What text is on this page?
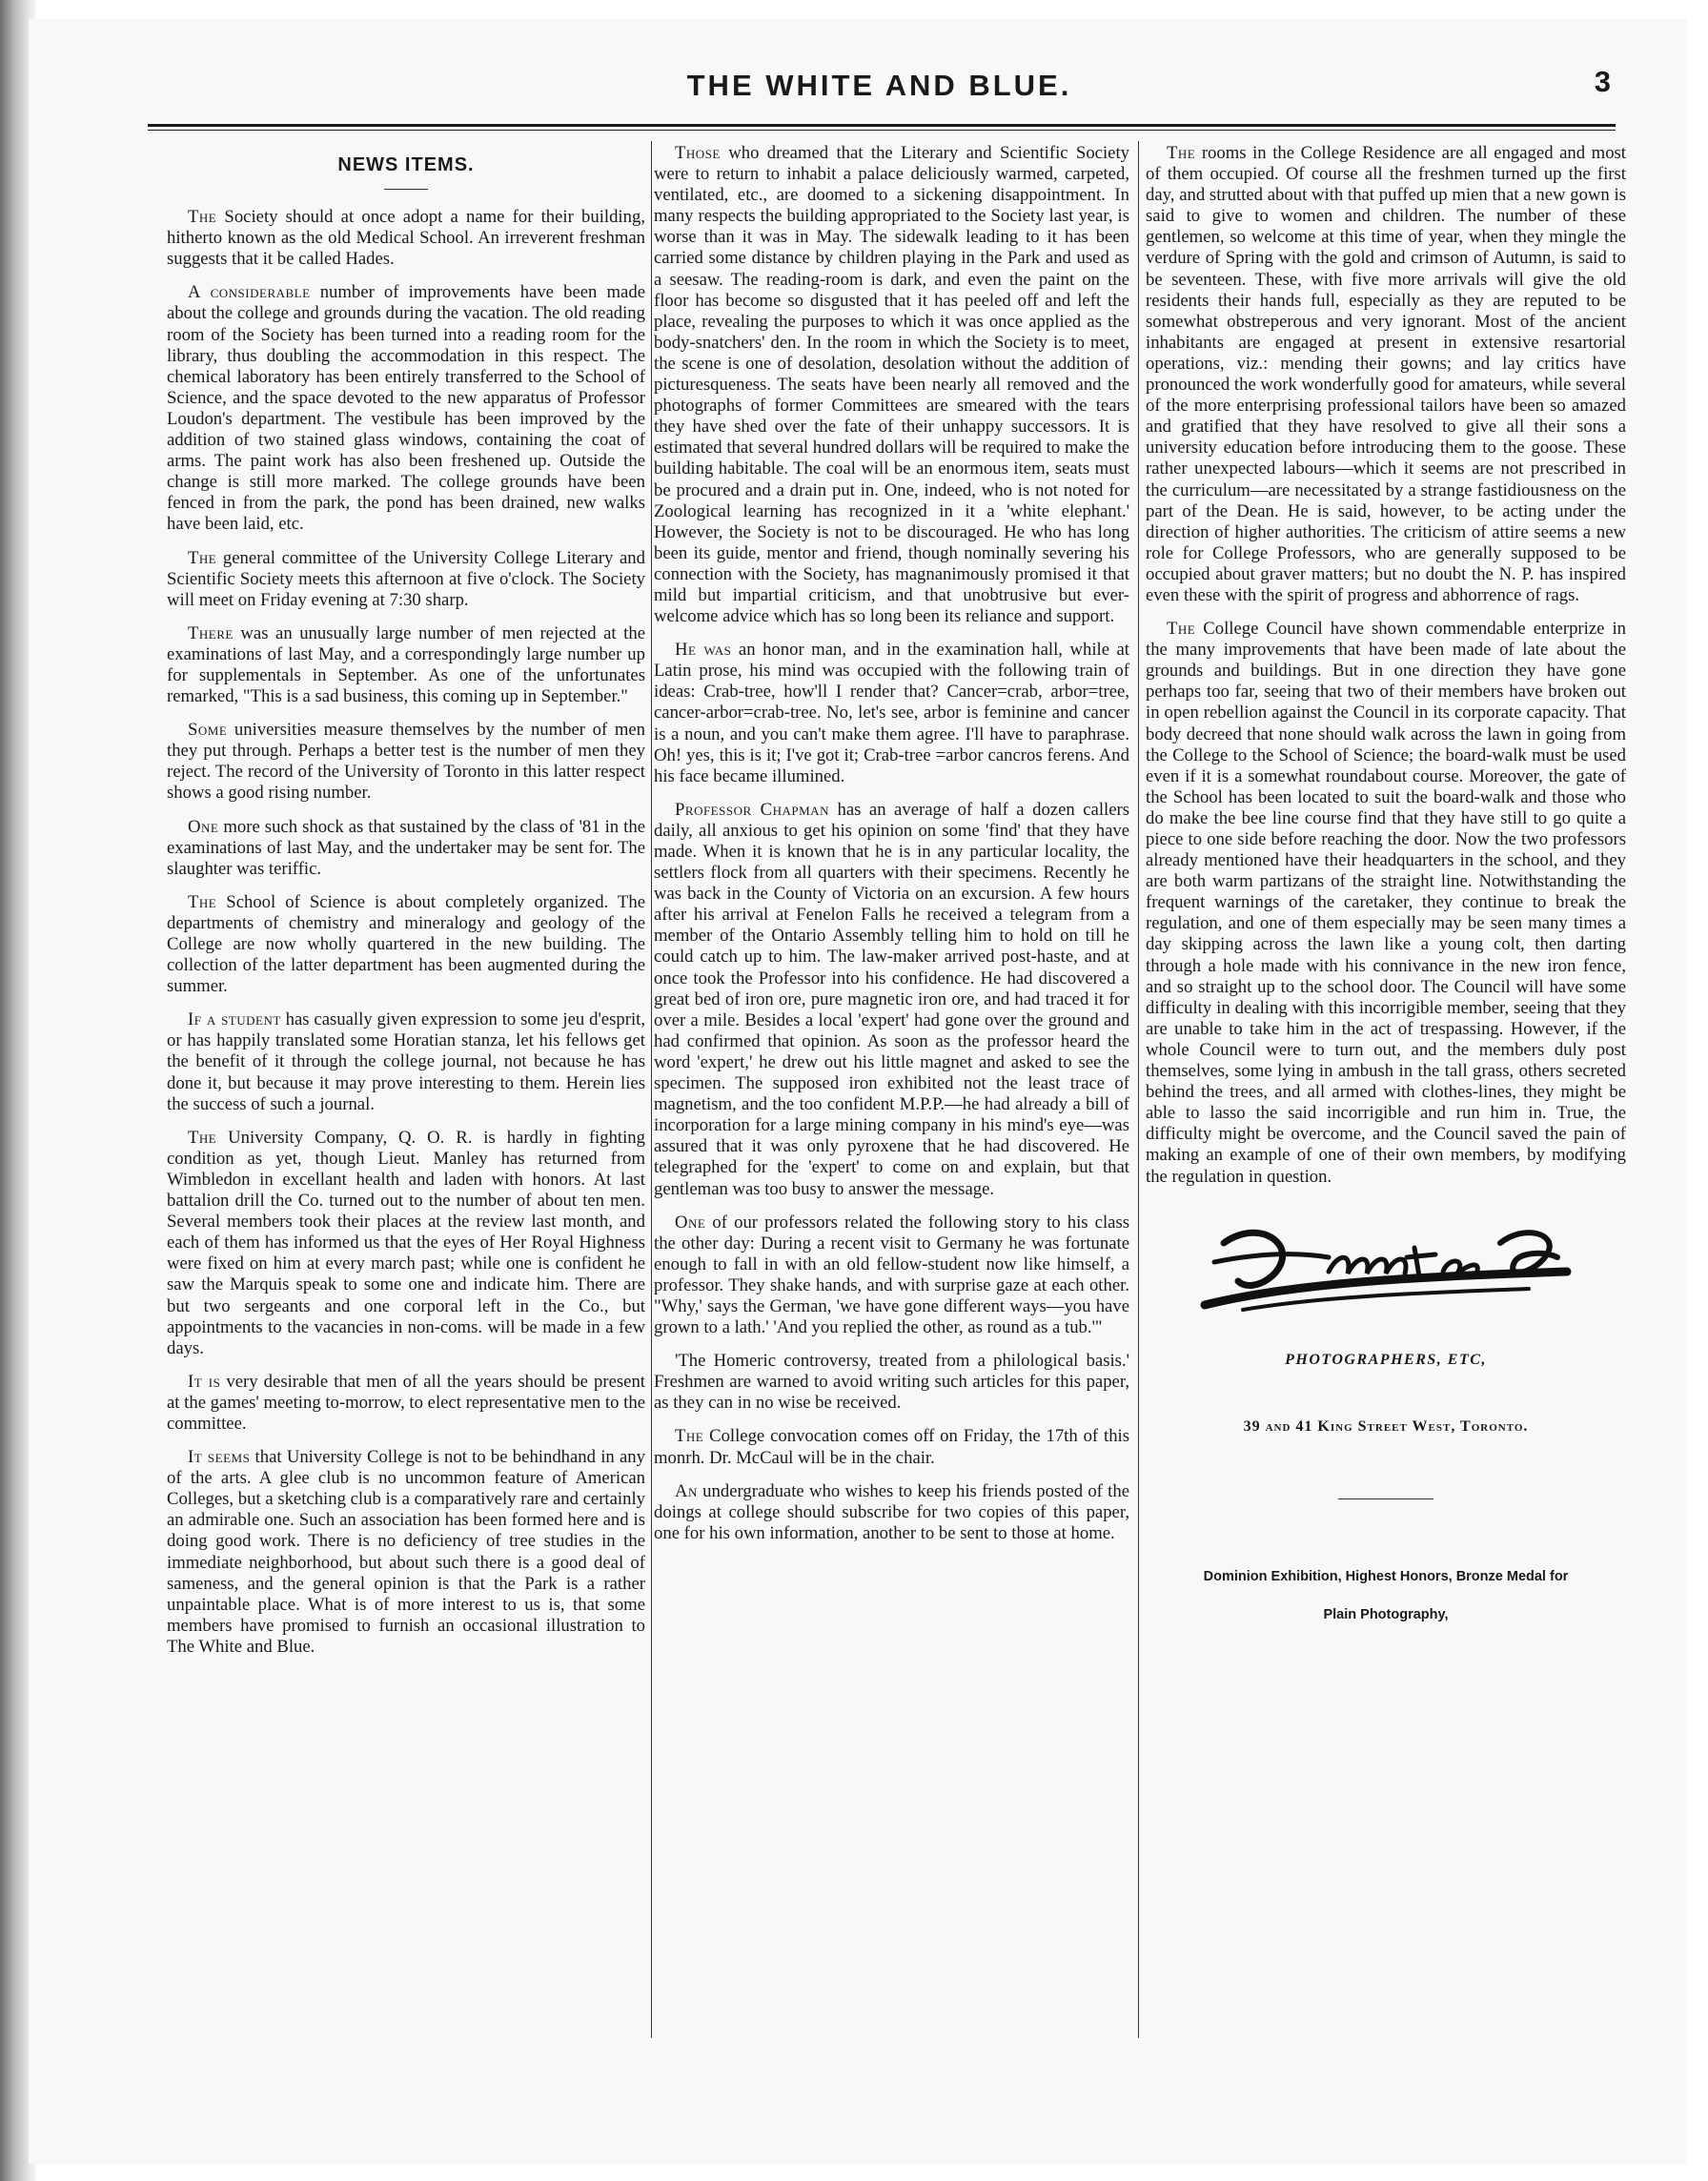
THE WHITE AND BLUE.	3
NEWS ITEMS.

The Society should at once adopt a name for their building, hitherto known as the old Medical School. An irreverent freshman suggests that it be called Hades.

A considerable number of improvements have been made about the college and grounds during the vacation. The old reading room of the Society has been turned into a reading room for the library, thus doubling the accommodation in this respect. The chemical laboratory has been entirely transferred to the School of Science, and the space devoted to the new apparatus of Professor Loudon's department. The vestibule has been improved by the addition of two stained glass windows, containing the coat of arms. The paint work has also been freshened up. Outside the change is still more marked. The college grounds have been fenced in from the park, the pond has been drained, new walks have been laid, etc.

The general committee of the University College Literary and Scientific Society meets this afternoon at five o'clock. The Society will meet on Friday evening at 7:30 sharp.

There was an unusually large number of men rejected at the examinations of last May, and a correspondingly large number up for supplementals in September. As one of the unfortunates remarked, "This is a sad business, this coming up in September."

Some universities measure themselves by the number of men they put through. Perhaps a better test is the number of men they reject. The record of the University of Toronto in this latter respect shows a good rising number.

One more such shock as that sustained by the class of '81 in the examinations of last May, and the undertaker may be sent for. The slaughter was teriffic.

The School of Science is about completely organized. The departments of chemistry and mineralogy and geology of the College are now wholly quartered in the new building. The collection of the latter department has been augmented during the summer.

If a student has casually given expression to some jeu d'esprit, or has happily translated some Horatian stanza, let his fellows get the benefit of it through the college journal, not because he has done it, but because it may prove interesting to them. Herein lies the success of such a journal.

The University Company, Q. O. R. is hardly in fighting condition as yet, though Lieut. Manley has returned from Wimbledon in excellant health and laden with honors. At last battalion drill the Co. turned out to the number of about ten men. Several members took their places at the review last month, and each of them has informed us that the eyes of Her Royal Highness were fixed on him at every march past; while one is confident he saw the Marquis speak to some one and indicate him. There are but two sergeants and one corporal left in the Co., but appointments to the vacancies in non-coms. will be made in a few days.

It is very desirable that men of all the years should be present at the games' meeting to-morrow, to elect representative men to the committee.

It seems that University College is not to be behindhand in any of the arts. A glee club is no uncommon feature of American Colleges, but a sketching club is a comparatively rare and certainly an admirable one. Such an association has been formed here and is doing good work. There is no deficiency of tree studies in the immediate neighborhood, but about such there is a good deal of sameness, and the general opinion is that the Park is a rather unpaintable place. What is of more interest to us is, that some members have promised to furnish an occasional illustration to The White and Blue.

Those who dreamed that the Literary and Scientific Society were to return to inhabit a palace deliciously warmed, carpeted, ventilated, etc., are doomed to a sickening disappointment. In many respects the building appropriated to the Society last year, is worse than it was in May. The sidewalk leading to it has been carried some distance by children playing in the Park and used as a seesaw. The reading-room is dark, and even the paint on the floor has become so disgusted that it has peeled off and left the place, revealing the purposes to which it was once applied as the body-snatchers' den. In the room in which the Society is to meet, the scene is one of desolation, desolation without the addition of picturesqueness. The seats have been nearly all removed and the photographs of former Committees are smeared with the tears they have shed over the fate of their unhappy successors. It is estimated that several hundred dollars will be required to make the building habitable. The coal will be an enormous item, seats must be procured and a drain put in. One, indeed, who is not noted for Zoological learning has recognized in it a 'white elephant.' However, the Society is not to be discouraged. He who has long been its guide, mentor and friend, though nominally severing his connection with the Society, has magnanimously promised it that mild but impartial criticism, and that unobtrusive but ever-welcome advice which has so long been its reliance and support.

He was an honor man, and in the examination hall, while at Latin prose, his mind was occupied with the following train of ideas: Crab-tree, how'll I render that? Cancer=crab, arbor=tree, cancer-arbor=crab-tree. No, let's see, arbor is feminine and cancer is a noun, and you can't make them agree. I'll have to paraphrase. Oh! yes, this is it; I've got it; Crab-tree =arbor cancros ferens. And his face became illumined.

Professor Chapman has an average of half a dozen callers daily, all anxious to get his opinion on some 'find' that they have made. When it is known that he is in any particular locality, the settlers flock from all quarters with their specimens. Recently he was back in the County of Victoria on an excursion. A few hours after his arrival at Fenelon Falls he received a telegram from a member of the Ontario Assembly telling him to hold on till he could catch up to him. The law-maker arrived post-haste, and at once took the Professor into his confidence. He had discovered a great bed of iron ore, pure magnetic iron ore, and had traced it for over a mile. Besides a local 'expert' had gone over the ground and had confirmed that opinion. As soon as the professor heard the word 'expert,' he drew out his little magnet and asked to see the specimen. The supposed iron exhibited not the least trace of magnetism, and the too confident M.P.P.—he had already a bill of incorporation for a large mining company in his mind's eye—was assured that it was only pyroxene that he had discovered. He telegraphed for the 'expert' to come on and explain, but that gentleman was too busy to answer the message.

One of our professors related the following story to his class the other day: During a recent visit to Germany he was fortunate enough to fall in with an old fellow-student now like himself, a professor. They shake hands, and with surprise gaze at each other. "Why,' says the German, 'we have gone different ways—you have grown to a lath.' 'And you replied the other, as round as a tub.'"

'The Homeric controversy, treated from a philological basis.' Freshmen are warned to avoid writing such articles for this paper, as they can in no wise be received.

The College convocation comes off on Friday, the 17th of this monrh. Dr. McCaul will be in the chair.

An undergraduate who wishes to keep his friends posted of the doings at college should subscribe for two copies of this paper, one for his own information, another to be sent to those at home.

The rooms in the College Residence are all engaged and most of them occupied. Of course all the freshmen turned up the first day, and strutted about with that puffed up mien that a new gown is said to give to women and children. The number of these gentlemen, so welcome at this time of year, when they mingle the verdure of Spring with the gold and crimson of Autumn, is said to be seventeen. These, with five more arrivals will give the old residents their hands full, especially as they are reputed to be somewhat obstreperous and very ignorant. Most of the ancient inhabitants are engaged at present in extensive resartorial operations, viz.: mending their gowns; and lay critics have pronounced the work wonderfully good for amateurs, while several of the more enterprising professional tailors have been so amazed and gratified that they have resolved to give all their sons a university education before introducing them to the goose. These rather unexpected labours—which it seems are not prescribed in the curriculum—are necessitated by a strange fastidiousness on the part of the Dean. He is said, however, to be acting under the direction of higher authorities. The criticism of attire seems a new role for College Professors, who are generally supposed to be occupied about graver matters; but no doubt the N. P. has inspired even these with the spirit of progress and abhorrence of rags.

The College Council have shown commendable enterprize in the many improvements that have been made of late about the grounds and buildings. But in one direction they have gone perhaps too far, seeing that two of their members have broken out in open rebellion against the Council in its corporate capacity. That body decreed that none should walk across the lawn in going from the College to the School of Science; the board-walk must be used even if it is a somewhat roundabout course. Moreover, the gate of the School has been located to suit the board-walk and those who do make the bee line course find that they have still to go quite a piece to one side before reaching the door. Now the two professors already mentioned have their headquarters in the school, and they are both warm partizans of the straight line. Notwithstanding the frequent warnings of the caretaker, they continue to break the regulation, and one of them especially may be seen many times a day skipping across the lawn like a young colt, then darting through a hole made with his connivance in the new iron fence, and so straight up to the school door. The Council will have some difficulty in dealing with this incorrigible member, seeing that they are unable to take him in the act of trespassing. However, if the whole Council were to turn out, and the members duly post themselves, some lying in ambush in the tall grass, others secreted behind the trees, and all armed with clothes-lines, they might be able to lasso the said incorrigible and run him in. True, the difficulty might be overcome, and the Council saved the pain of making an example of one of their own members, by modifying the regulation in question.

PHOTOGRAPHERS, ETC,
39 and 41 King Street West, Toronto.
Dominion Exhibition, Highest Honors, Bronze Medal for
Plain Photography,
